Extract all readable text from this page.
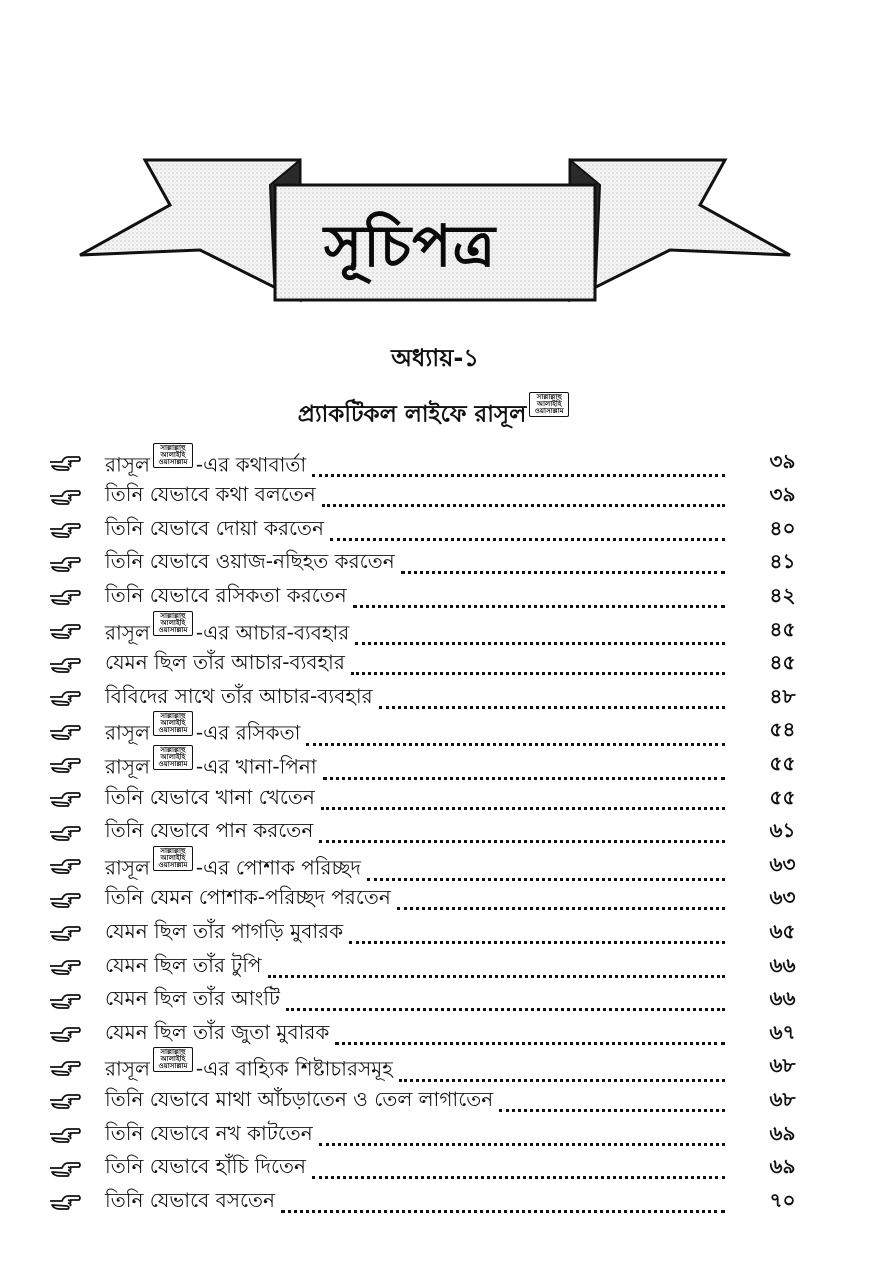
সূচিপত্র
অধ্যায়-১
প্র্যাকটিকল লাইফে রাসূলসাল্লাল্লাহু আলাইহি ওয়াসাল্লাম
রাসূলসাল্লাল্লাহু আলাইহি ওয়াসাল্লাম -এর কথাবার্তা	৩৯
তিনি যেভাবে কথা বলতেন	৩৯
তিনি যেভাবে দোয়া করতেন	৪০
তিনি যেভাবে ওয়াজ-নছিহত করতেন	৪১
তিনি যেভাবে রসিকতা করতেন	৪২
রাসূলসাল্লাল্লাহু আলাইহি ওয়াসাল্লাম -এর আচার-ব্যবহার	৪৫
যেমন ছিল তাঁর আচার-ব্যবহার	৪৫
বিবিদের সাথে তাঁর আচার-ব্যবহার	৪৮
রাসূলসাল্লাল্লাহু আলাইহি ওয়াসাল্লাম -এর রসিকতা	৫৪
রাসূলসাল্লাল্লাহু আলাইহি ওয়াসাল্লাম -এর খানা-পিনা	৫৫
তিনি যেভাবে খানা খেতেন	৫৫
তিনি যেভাবে পান করতেন	৬১
রাসূলসাল্লাল্লাহু আলাইহি ওয়াসাল্লাম -এর পোশাক পরিচ্ছদ	৬৩
তিনি যেমন পোশাক-পরিচ্ছদ পরতেন	৬৩
যেমন ছিল তাঁর পাগড়ি মুবারক	৬৫
যেমন ছিল তাঁর টুপি	৬৬
যেমন ছিল তাঁর আংটি	৬৬
যেমন ছিল তাঁর জুতা মুবারক	৬৭
রাসূলসাল্লাল্লাহু আলাইহি ওয়াসাল্লাম -এর বাহ্যিক শিষ্টাচারসমূহ	৬৮
তিনি যেভাবে মাথা আঁচড়াতেন ও তেল লাগাতেন	৬৮
তিনি যেভাবে নখ কাটতেন	৬৯
তিনি যেভাবে হাঁচি দিতেন	৬৯
তিনি যেভাবে বসতেন	৭০
